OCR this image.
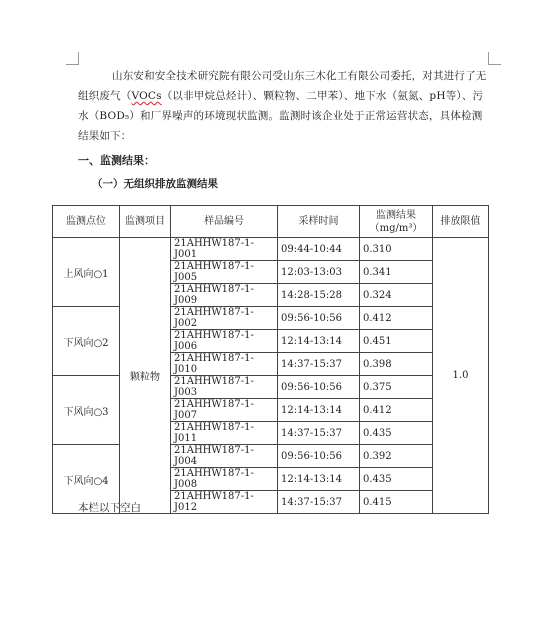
山东安和安全技术研究院有限公司受山东三木化工有限公司委托，对其进行了无组织废气（VOCs（以非甲烷总烃计）、颗粒物、二甲苯）、地下水（氨氮、pH等）、污水（BOD₅）和厂界噪声的环境现状监测。监测时该企业处于正常运营状态，具体检测结果如下：
一、监测结果：
（一）无组织排放监测结果
监测点位	监测项目	样品编号	采样时间	监测结果（mg/m³）	排放限值
上风向○1	颗粒物	21AHHW187-1-J001	09:44-10:44	0.310	1.0
		21AHHW187-1-J005	12:03-13:03	0.341	
		21AHHW187-1-J009	14:28-15:28	0.324	
下风向○2		21AHHW187-1-J002	09:56-10:56	0.412	
		21AHHW187-1-J006	12:14-13:14	0.451	
		21AHHW187-1-J010	14:37-15:37	0.398	
下风向○3		21AHHW187-1-J003	09:56-10:56	0.375	
		21AHHW187-1-J007	12:14-13:14	0.412	
		21AHHW187-1-J011	14:37-15:37	0.435	
下风向○4		21AHHW187-1-J004	09:56-10:56	0.392	
		21AHHW187-1-J008	12:14-13:14	0.435	
		21AHHW187-1-J012	14:37-15:37	0.415	
本栏以下空白
